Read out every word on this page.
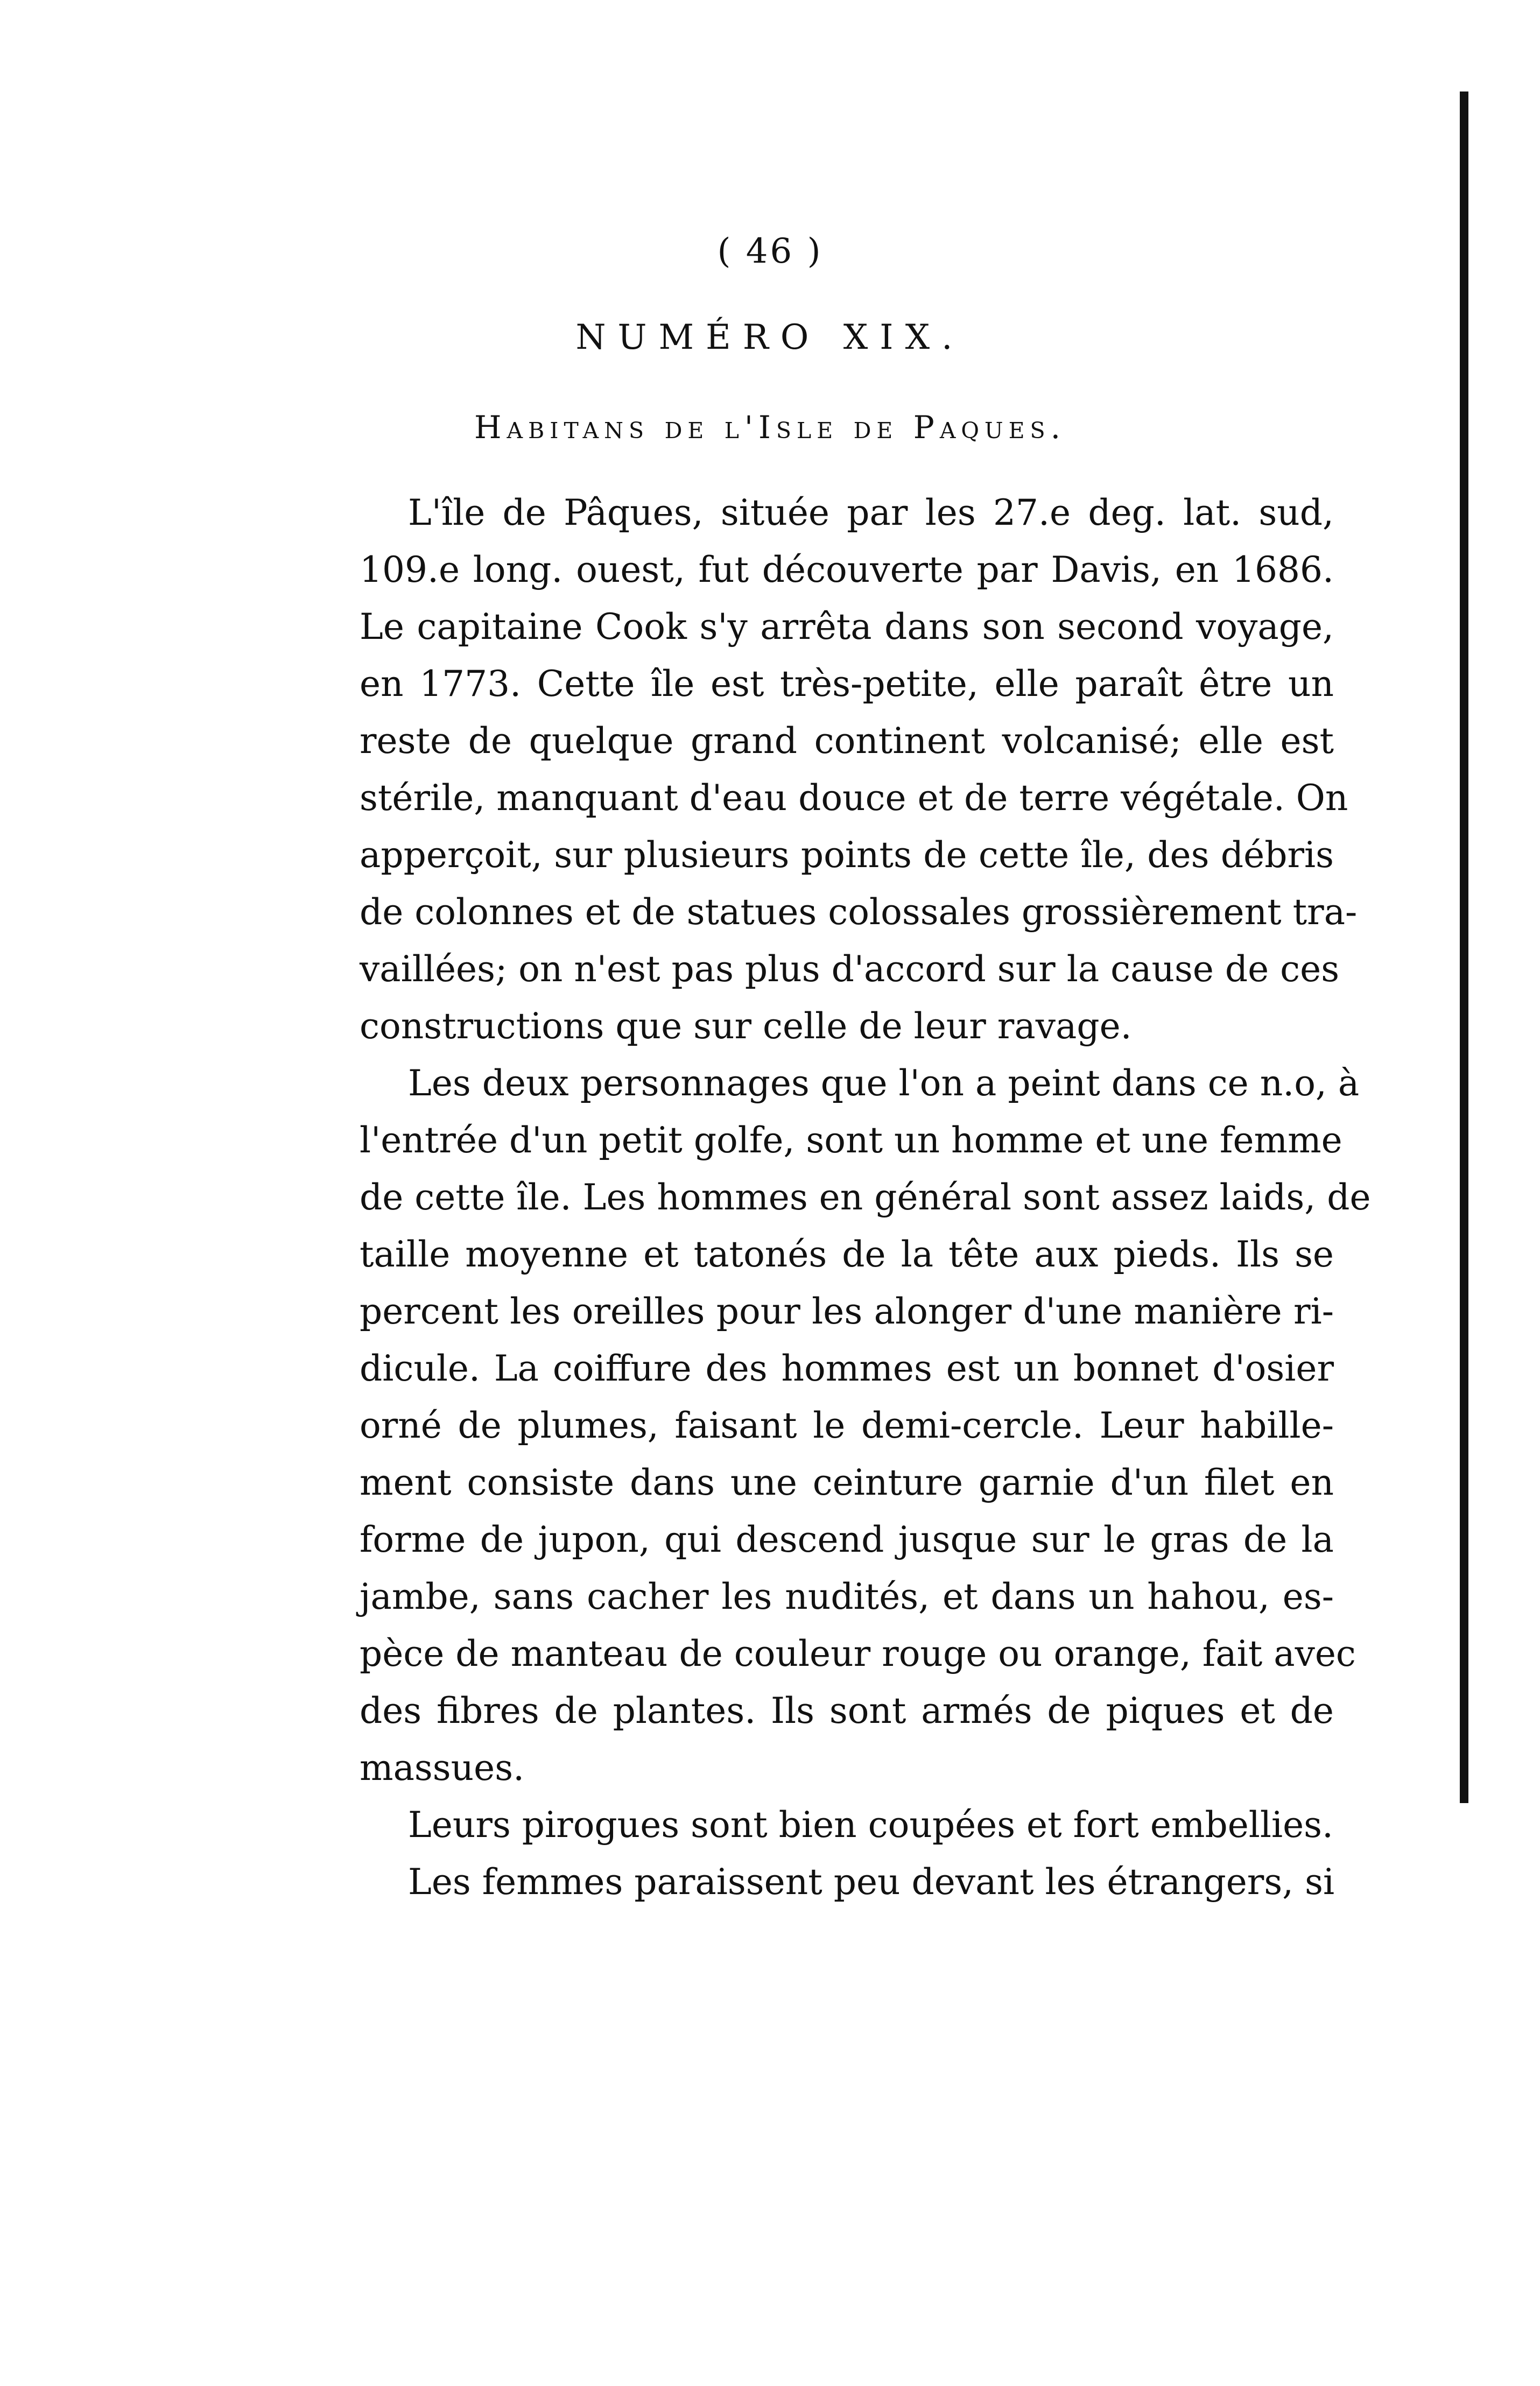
( 46 )
NUMÉRO XIX.
Habitans de l'Isle de Paques.
L'île de Pâques, située par les 27.e deg. lat. sud,
109.e long. ouest, fut découverte par Davis, en 1686.
Le capitaine Cook s'y arrêta dans son second voyage,
en 1773. Cette île est très-petite, elle paraît être un
reste de quelque grand continent volcanisé; elle est
stérile, manquant d'eau douce et de terre végétale. On
apperçoit, sur plusieurs points de cette île, des débris
de colonnes et de statues colossales grossièrement tra-
vaillées; on n'est pas plus d'accord sur la cause de ces
constructions que sur celle de leur ravage.
Les deux personnages que l'on a peint dans ce n.o, à
l'entrée d'un petit golfe, sont un homme et une femme
de cette île. Les hommes en général sont assez laids, de
taille moyenne et tatonés de la tête aux pieds. Ils se
percent les oreilles pour les alonger d'une manière ri-
dicule. La coiffure des hommes est un bonnet d'osier
orné de plumes, faisant le demi-cercle. Leur habille-
ment consiste dans une ceinture garnie d'un filet en
forme de jupon, qui descend jusque sur le gras de la
jambe, sans cacher les nudités, et dans un hahou, es-
pèce de manteau de couleur rouge ou orange, fait avec
des fibres de plantes. Ils sont armés de piques et de
massues.
Leurs pirogues sont bien coupées et fort embellies.
Les femmes paraissent peu devant les étrangers, si
